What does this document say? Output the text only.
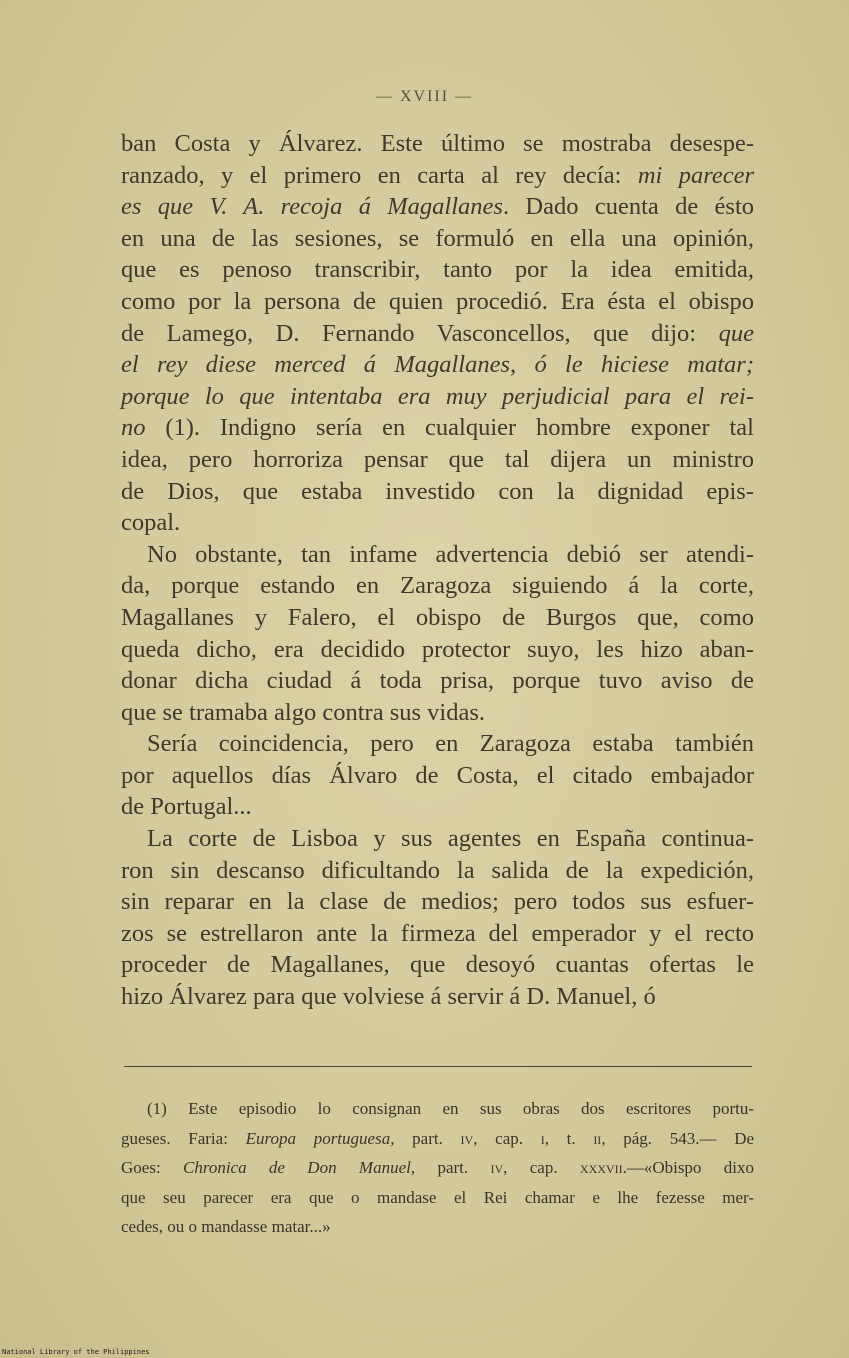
— XVIII —

ban Costa y Álvarez. Este último se mostraba desespe-
ranzado, y el primero en carta al rey decía: mi parecer
es que V. A. recoja á Magallanes. Dado cuenta de ésto
en una de las sesiones, se formuló en ella una opinión,
que es penoso transcribir, tanto por la idea emitida,
como por la persona de quien procedió. Era ésta el obispo
de Lamego, D. Fernando Vasconcellos, que dijo: que
el rey diese merced á Magallanes, ó le hiciese matar;
porque lo que intentaba era muy perjudicial para el rei-
no (1). Indigno sería en cualquier hombre exponer tal
idea, pero horroriza pensar que tal dijera un ministro
de Dios, que estaba investido con la dignidad epis-
copal.

No obstante, tan infame advertencia debió ser atendi-
da, porque estando en Zaragoza siguiendo á la corte,
Magallanes y Falero, el obispo de Burgos que, como
queda dicho, era decidido protector suyo, les hizo aban-
donar dicha ciudad á toda prisa, porque tuvo aviso de
que se tramaba algo contra sus vidas.

Sería coincidencia, pero en Zaragoza estaba también
por aquellos días Álvaro de Costa, el citado embajador
de Portugal...

La corte de Lisboa y sus agentes en España continua-
ron sin descanso dificultando la salida de la expedición,
sin reparar en la clase de medios; pero todos sus esfuer-
zos se estrellaron ante la firmeza del emperador y el recto
proceder de Magallanes, que desoyó cuantas ofertas le
hizo Álvarez para que volviese á servir á D. Manuel, ó

(1) Este episodio lo consignan en sus obras dos escritores portu-
gueses. Faria: Europa portuguesa, part. iv, cap. i, t. ii, pág. 543.— De
Goes: Chronica de Don Manuel, part. iv, cap. xxxvii.—«Obispo dixo
que seu parecer era que o mandase el Rei chamar e lhe fezesse mer-
cedes, ou o mandasse matar...»
National Library of the Philippines
